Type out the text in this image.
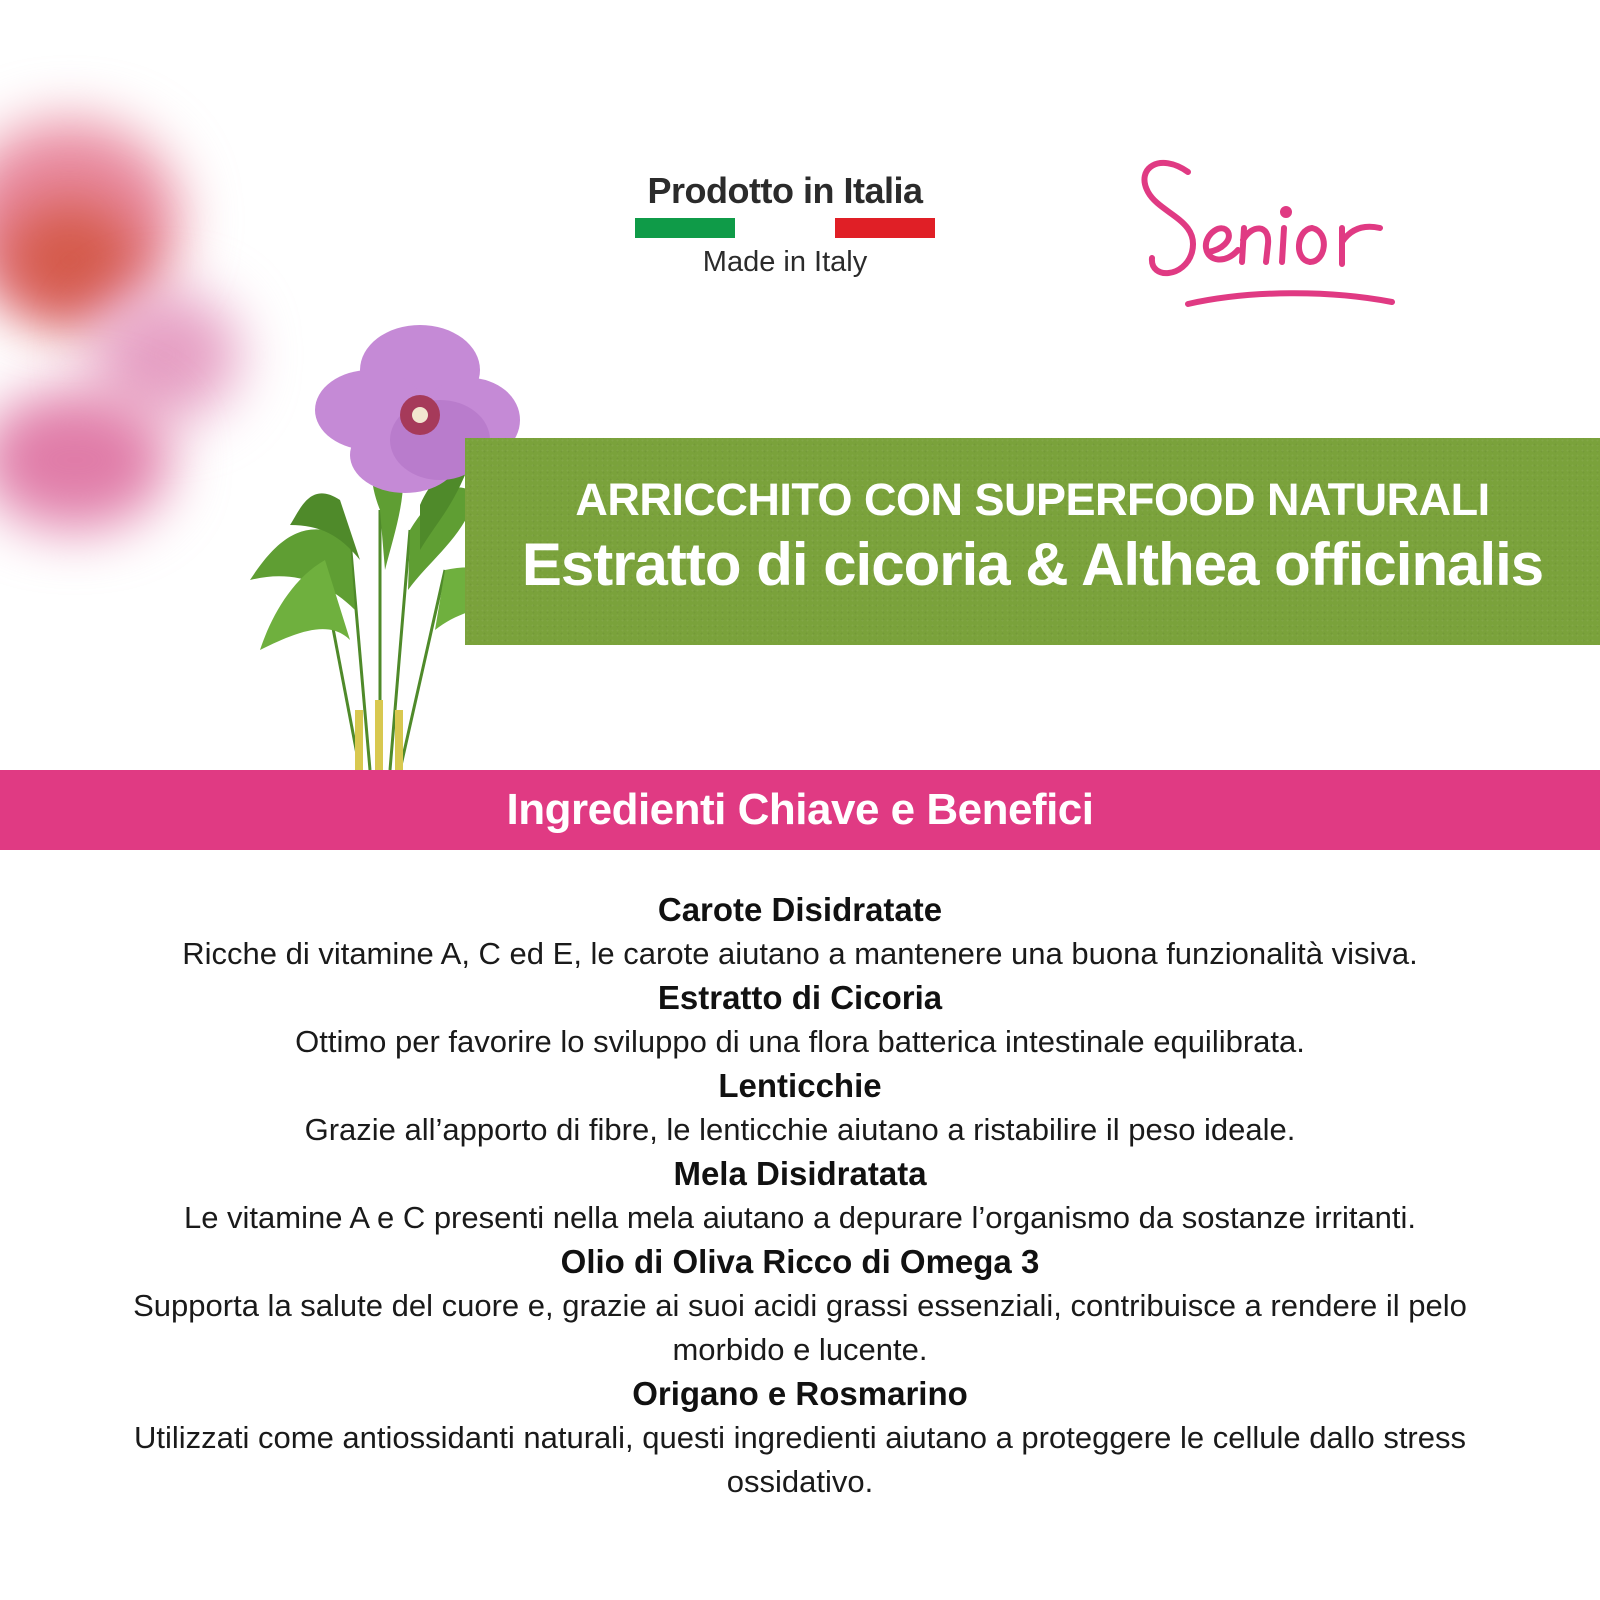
Prodotto in Italia
Made in Italy
ARRICCHITO CON SUPERFOOD NATURALI
Estratto di cicoria & Althea officinalis
Ingredienti Chiave e Benefici
Carote Disidratate
Ricche di vitamine A, C ed E, le carote aiutano a mantenere una buona funzionalità visiva.
Estratto di Cicoria
Ottimo per favorire lo sviluppo di una flora batterica intestinale equilibrata.
Lenticchie
Grazie all’apporto di fibre, le lenticchie aiutano a ristabilire il peso ideale.
Mela Disidratata
Le vitamine A e C presenti nella mela aiutano a depurare l’organismo da sostanze irritanti.
Olio di Oliva Ricco di Omega 3
Supporta la salute del cuore e, grazie ai suoi acidi grassi essenziali, contribuisce a rendere il pelo morbido e lucente.
Origano e Rosmarino
Utilizzati come antiossidanti naturali, questi ingredienti aiutano a proteggere le cellule dallo stress ossidativo.
